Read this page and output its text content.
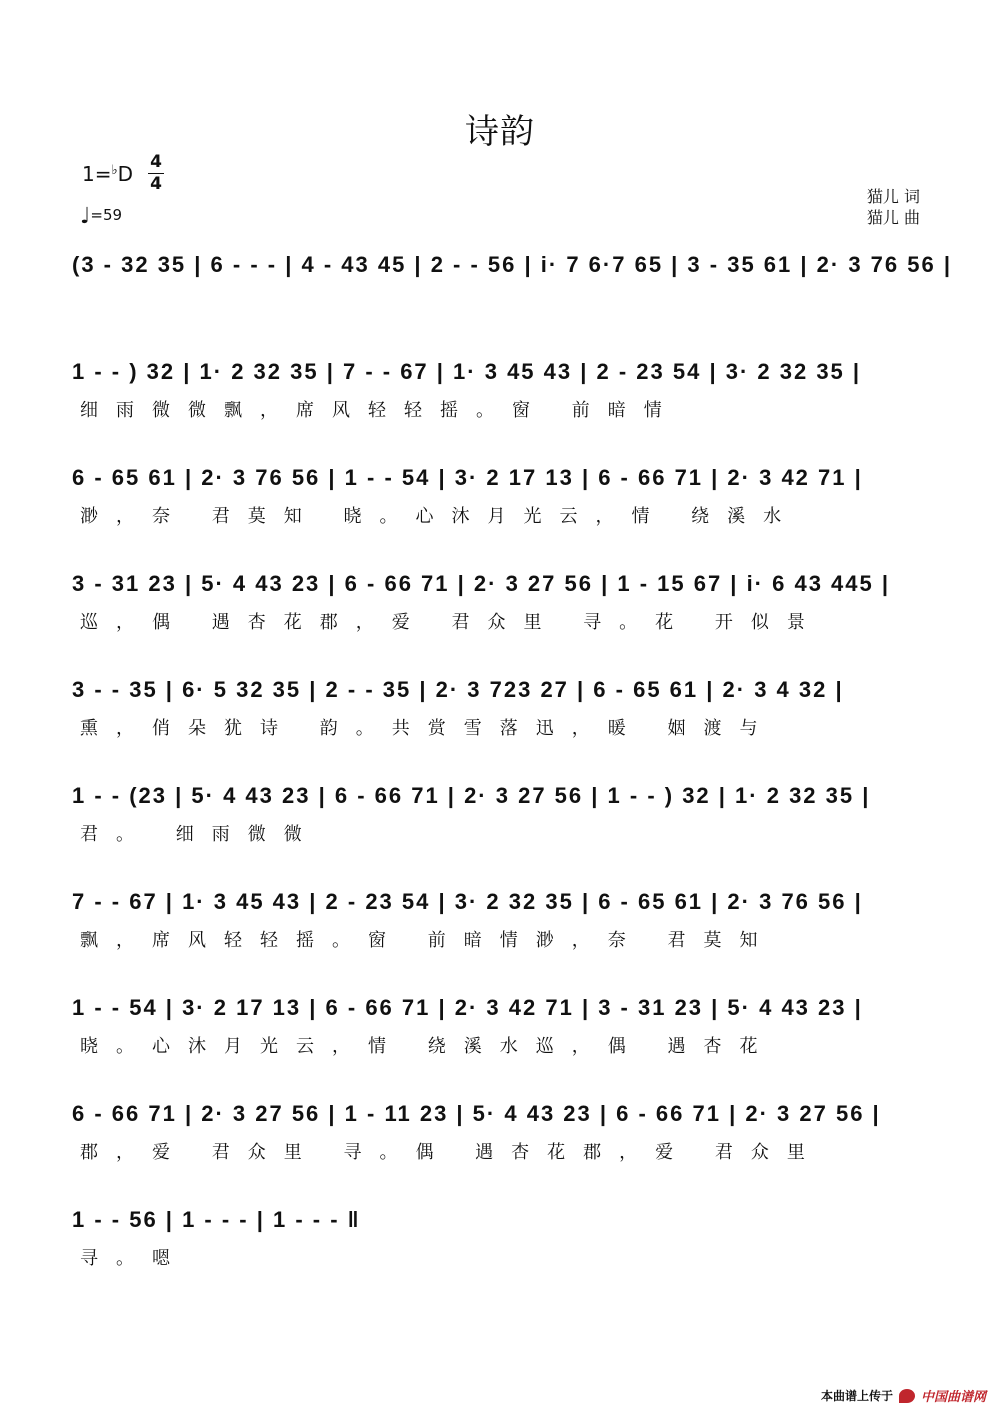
诗韵
1=♭D 4
4
♩=59
猫儿 词
猫儿 曲
(3 - 32 35 | 6 - - - | 4 - 43 45 | 2 - - 56 | i· 7 6·7 65 | 3 - 35 61 | 2· 3 76 56 |
1 - - ) 32 | 1· 2 32 35 | 7 - - 67 | 1· 3 45 43 | 2 - 23 54 | 3· 2 32 35 |
细雨微微飘，席风轻轻摇。窗 前暗情
6 - 65 61 | 2· 3 76 56 | 1 - - 54 | 3· 2 17 13 | 6 - 66 71 | 2· 3 42 71 |
渺，奈 君莫知 晓。心沐月光云，情 绕溪水
3 - 31 23 | 5· 4 43 23 | 6 - 66 71 | 2· 3 27 56 | 1 - 15 67 | i· 6 43 445 |
巡，偶 遇杏花郡，爱 君众里 寻。花 开似景
3 - - 35 | 6· 5 32 35 | 2 - - 35 | 2· 3 723 27 | 6 - 65 61 | 2· 3 4 32 |
熏，俏朵犹诗 韵。共赏雪落迅，暖 姻渡与
1 - - (23 | 5· 4 43 23 | 6 - 66 71 | 2· 3 27 56 | 1 - - ) 32 | 1· 2 32 35 |
君。 细雨微微
7 - - 67 | 1· 3 45 43 | 2 - 23 54 | 3· 2 32 35 | 6 - 65 61 | 2· 3 76 56 |
飘，席风轻轻摇。窗 前暗情渺，奈 君莫知
1 - - 54 | 3· 2 17 13 | 6 - 66 71 | 2· 3 42 71 | 3 - 31 23 | 5· 4 43 23 |
晓。心沐月光云，情 绕溪水巡，偶 遇杏花
6 - 66 71 | 2· 3 27 56 | 1 - 11 23 | 5· 4 43 23 | 6 - 66 71 | 2· 3 27 56 |
郡，爱 君众里 寻。偶 遇杏花郡，爱 君众里
1 - - 56 | 1 - - - | 1 - - - ‖
寻。嗯
本曲谱上传于 中国曲谱网
